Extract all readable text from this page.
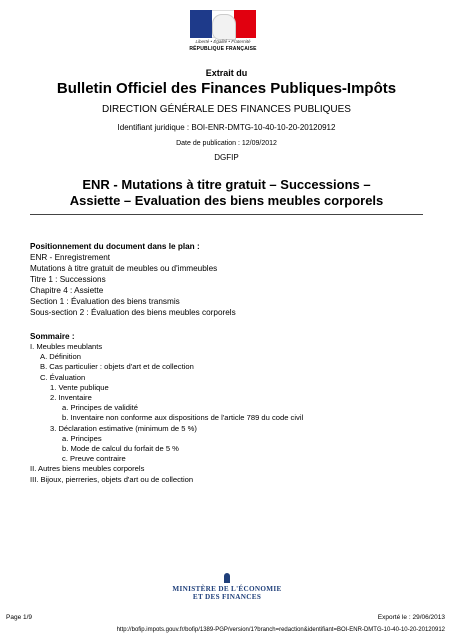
Liberté • Égalité • Fraternité
RÉPUBLIQUE FRANÇAISE
Extrait du
Bulletin Officiel des Finances Publiques-Impôts
DIRECTION GÉNÉRALE DES FINANCES PUBLIQUES
Identifiant juridique : BOI-ENR-DMTG-10-40-10-20-20120912
Date de publication : 12/09/2012
DGFIP
ENR - Mutations à titre gratuit – Successions –
Assiette – Evaluation des biens meubles corporels
Positionnement du document dans le plan :
ENR - Enregistrement
Mutations à titre gratuit de meubles ou d'immeubles
Titre 1 : Successions
Chapitre 4 : Assiette
Section 1 : Évaluation des biens transmis
Sous-section 2 : Évaluation des biens meubles corporels
Sommaire :
I. Meubles meublants
A. Définition
B. Cas particulier : objets d'art et de collection
C. Évaluation
1. Vente publique
2. Inventaire
a. Principes de validité
b. Inventaire non conforme aux dispositions de l'article 789 du code civil
3. Déclaration estimative (minimum de 5 %)
a. Principes
b. Mode de calcul du forfait de 5 %
c. Preuve contraire
II. Autres biens meubles corporels
III. Bijoux, pierreries, objets d'art ou de collection
MINISTÈRE DE L'ÉCONOMIE
ET DES FINANCES
Page 1/9	Exporté le : 29/06/2013
http://bofip.impots.gouv.fr/bofip/1389-PGP/version/1?branch=redaction&identifiant=BOI-ENR-DMTG-10-40-10-20-20120912
